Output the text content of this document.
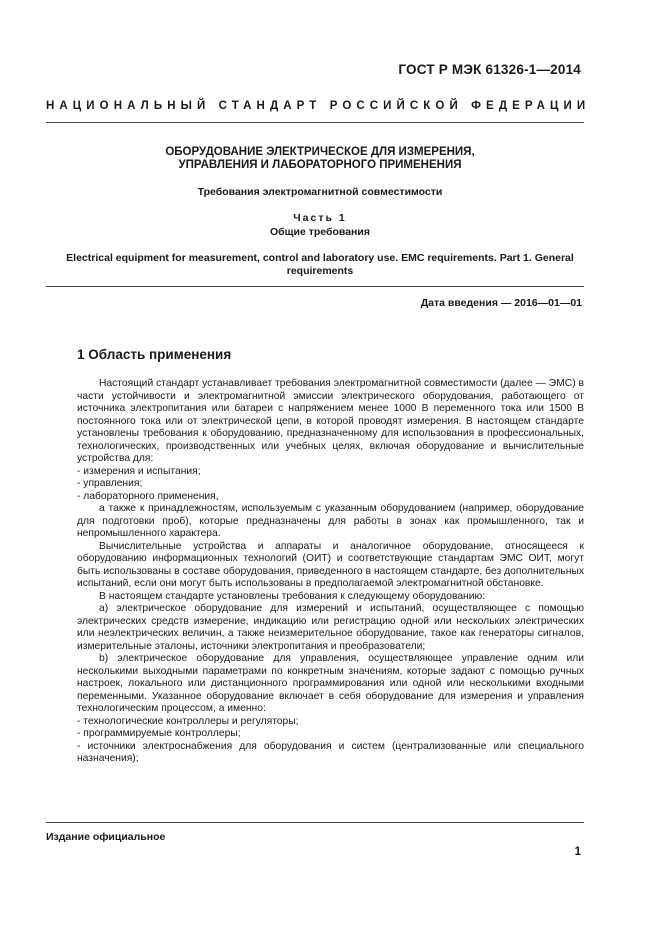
ГОСТ Р МЭК 61326-1—2014
НАЦИОНАЛЬНЫЙ СТАНДАРТ РОССИЙСКОЙ ФЕДЕРАЦИИ
ОБОРУДОВАНИЕ ЭЛЕКТРИЧЕСКОЕ ДЛЯ ИЗМЕРЕНИЯ,
УПРАВЛЕНИЯ И ЛАБОРАТОРНОГО ПРИМЕНЕНИЯ
Требования электромагнитной совместимости
Часть 1
Общие требования
Electrical equipment for measurement, control and laboratory use. EMC requirements. Part 1. General
requirements
Дата введения — 2016—01—01
1 Область применения

Настоящий стандарт устанавливает требования электромагнитной совместимости (далее — ЭМС) в части устойчивости и электромагнитной эмиссии электрического оборудования, работающего от источника электропитания или батареи с напряжением менее 1000 В переменного тока или 1500 В постоянного тока или от электрической цепи, в которой проводят измерения. В настоящем стандарте установлены требования к оборудованию, предназначенному для использования в профессиональных, технологических, производственных или учебных целях, включая оборудование и вычислительные устройства для:

- измерения и испытания;

- управления;

- лабораторного применения,

а также к принадлежностям, используемым с указанным оборудованием (например, оборудование для подготовки проб), которые предназначены для работы в зонах как промышленного, так и непромышленного характера.

Вычислительные устройства и аппараты и аналогичное оборудование, относящееся к оборудованию информационных технологий (ОИТ) и соответствующие стандартам ЭМС ОИТ, могут быть использованы в составе оборудования, приведенного в настоящем стандарте, без дополнительных испытаний, если они могут быть использованы в предполагаемой электромагнитной обстановке.

В настоящем стандарте установлены требования к следующему оборудованию:

a) электрическое оборудование для измерений и испытаний, осуществляющее с помощью электрических средств измерение, индикацию или регистрацию одной или нескольких электрических или неэлектрических величин, а также неизмерительное оборудование, такое как генераторы сигналов, измерительные эталоны, источники электропитания и преобразователи;

b) электрическое оборудование для управления, осуществляющее управление одним или несколькими выходными параметрами по конкретным значениям, которые задают с помощью ручных настроек, локального или дистанционного программирования или одной или несколькими входными переменными. Указанное оборудование включает в себя оборудование для измерения и управления технологическим процессом, а именно:

- технологические контроллеры и регуляторы;

- программируемые контроллеры;

- источники электроснабжения для оборудования и систем (централизованные или специального назначения);

Издание официальное
1
